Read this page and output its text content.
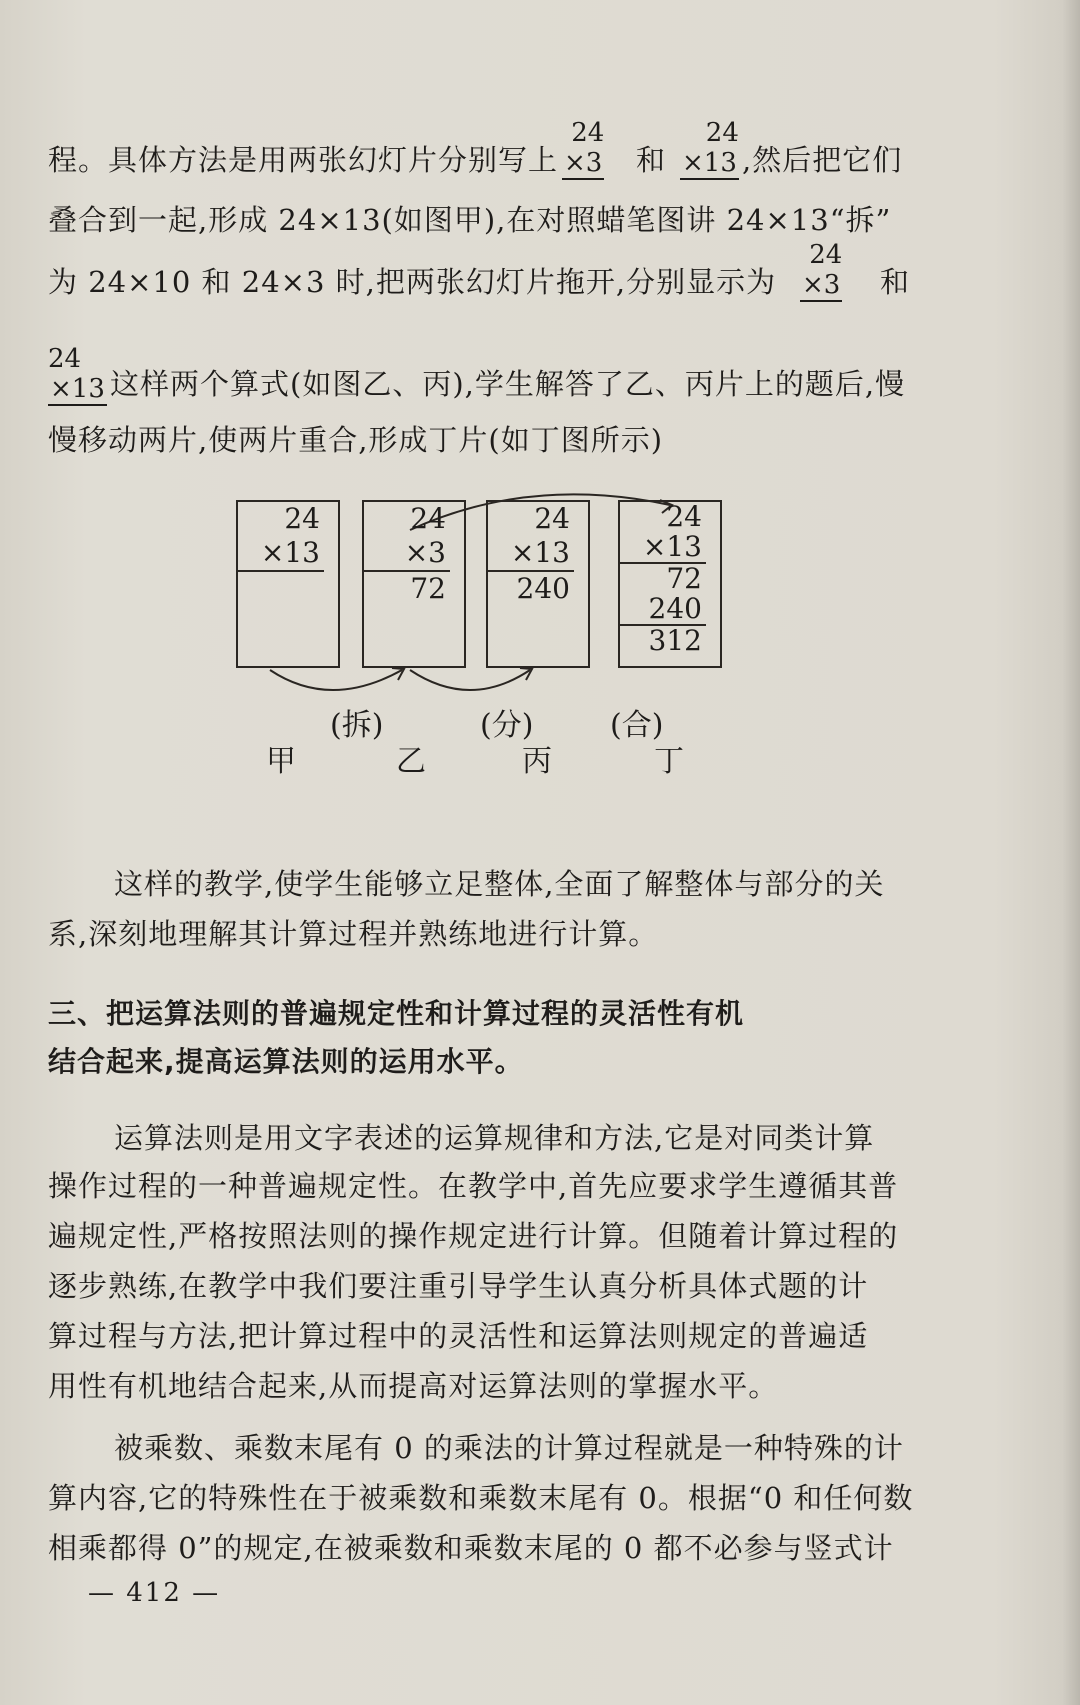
程。具体方法是用两张幻灯片分别写上
24
×3 和
24
×13 ,然后把它们
叠合到一起,形成 24×13(如图甲),在对照蜡笔图讲 24×13“拆”
为 24×10 和 24×3 时,把两张幻灯片拖开,分别显示为
24
×3 和
24
×13 这样两个算式(如图乙、丙),学生解答了乙、丙片上的题后,慢
慢移动两片,使两片重合,形成丁片(如丁图所示)
24
×13
24
×3
72
24
×13
240
24
×13
72
240
312
(拆)	(分)	(合)
甲	乙	丙	丁
这样的教学,使学生能够立足整体,全面了解整体与部分的关
系,深刻地理解其计算过程并熟练地进行计算。
三、把运算法则的普遍规定性和计算过程的灵活性有机
结合起来,提高运算法则的运用水平。
运算法则是用文字表述的运算规律和方法,它是对同类计算
操作过程的一种普遍规定性。在教学中,首先应要求学生遵循其普
遍规定性,严格按照法则的操作规定进行计算。但随着计算过程的
逐步熟练,在教学中我们要注重引导学生认真分析具体式题的计
算过程与方法,把计算过程中的灵活性和运算法则规定的普遍适
用性有机地结合起来,从而提高对运算法则的掌握水平。
被乘数、乘数末尾有 0 的乘法的计算过程就是一种特殊的计
算内容,它的特殊性在于被乘数和乘数末尾有 0。根据“0 和任何数
相乘都得 0”的规定,在被乘数和乘数末尾的 0 都不必参与竖式计
— 412 —
